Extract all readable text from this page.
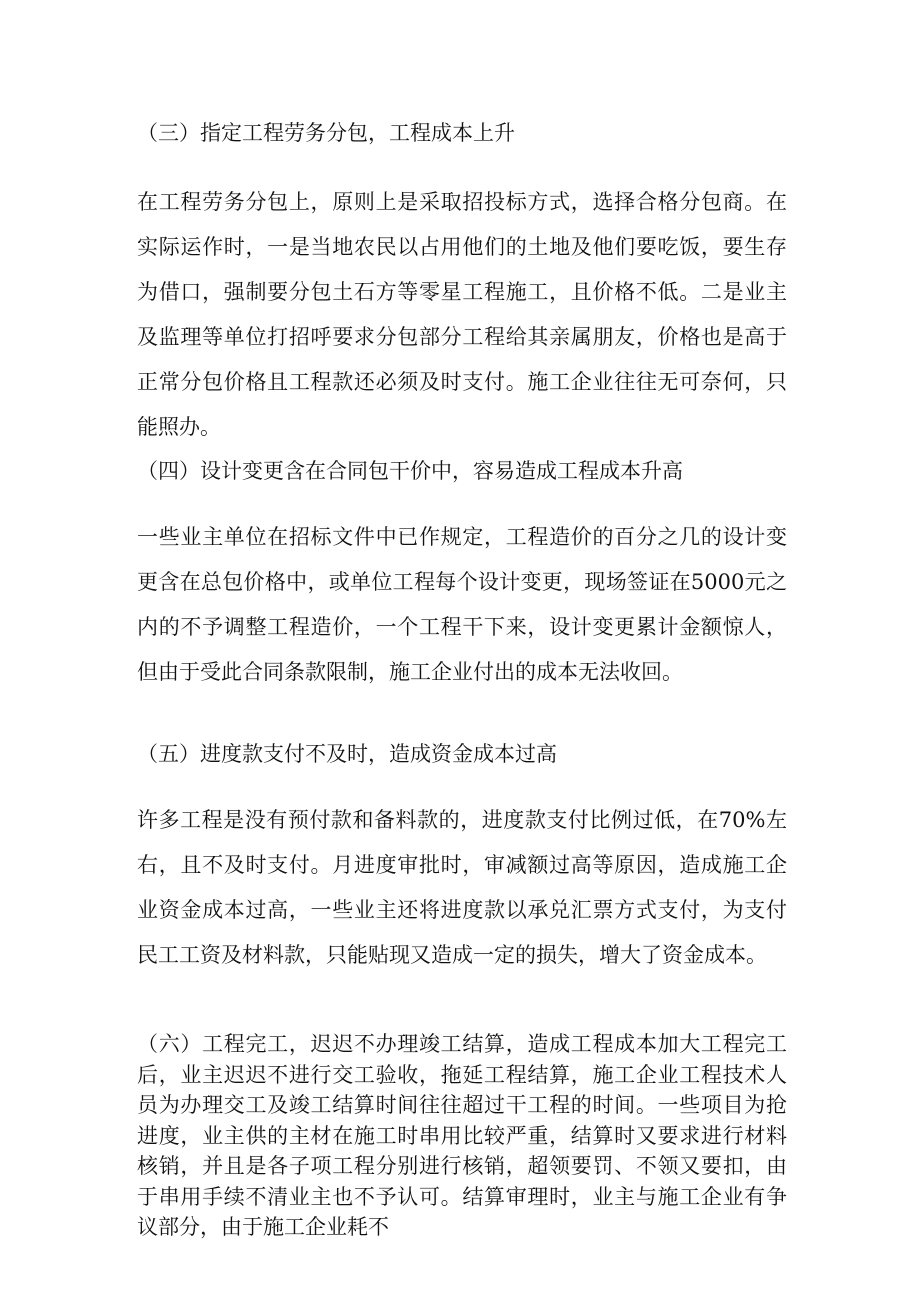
（三）指定工程劳务分包，工程成本上升

在工程劳务分包上，原则上是采取招投标方式，选择合格分包商。在实际运作时，一是当地农民以占用他们的土地及他们要吃饭，要生存为借口，强制要分包土石方等零星工程施工，且价格不低。二是业主及监理等单位打招呼要求分包部分工程给其亲属朋友，价格也是高于正常分包价格且工程款还必须及时支付。施工企业往往无可奈何，只能照办。

（四）设计变更含在合同包干价中，容易造成工程成本升高

一些业主单位在招标文件中已作规定，工程造价的百分之几的设计变更含在总包价格中，或单位工程每个设计变更，现场签证在5000元之内的不予调整工程造价，一个工程干下来，设计变更累计金额惊人，但由于受此合同条款限制，施工企业付出的成本无法收回。

（五）进度款支付不及时，造成资金成本过高

许多工程是没有预付款和备料款的，进度款支付比例过低，在70%左右，且不及时支付。月进度审批时，审减额过高等原因，造成施工企业资金成本过高，一些业主还将进度款以承兑汇票方式支付，为支付民工工资及材料款，只能贴现又造成一定的损失，增大了资金成本。

（六）工程完工，迟迟不办理竣工结算，造成工程成本加大工程完工后，业主迟迟不进行交工验收，拖延工程结算，施工企业工程技术人员为办理交工及竣工结算时间往往超过干工程的时间。一些项目为抢进度，业主供的主材在施工时串用比较严重，结算时又要求进行材料核销，并且是各子项工程分别进行核销，超领要罚、不领又要扣，由于串用手续不清业主也不予认可。结算审理时，业主与施工企业有争议部分，由于施工企业耗不
